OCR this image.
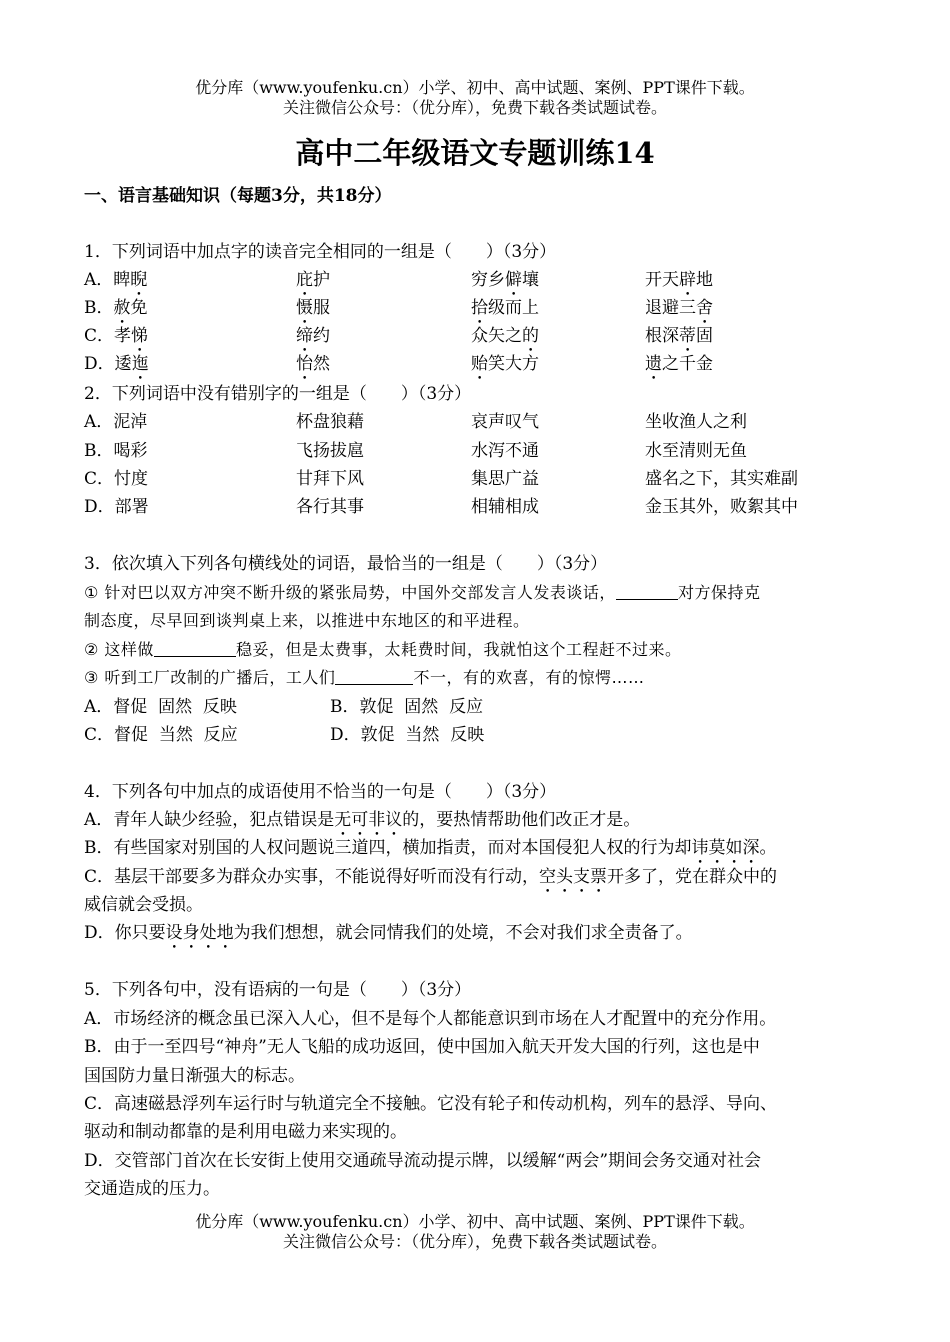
优分库（www.youfenku.cn）小学、初中、高中试题、案例、PPT课件下载。
关注微信公众号：（优分库），免费下载各类试题试卷。
高中二年级语文专题训练14
一、语言基础知识（每题3分，共18分）
1．下列词语中加点字的读音完全相同的一组是（　　）（3分）
A．睥睨	庇护	穷乡僻壤	开天辟地
B．赦免	慑服	拾级而上	退避三舍
C．孝悌	缔约	众矢之的	根深蒂固
D．逶迤	怡然	贻笑大方	遗之千金
2．下列词语中没有错别字的一组是（　　）（3分）
A．泥淖	杯盘狼藉	哀声叹气	坐收渔人之利
B．喝彩	飞扬拔扈	水泻不通	水至清则无鱼
C．忖度	甘拜下风	集思广益	盛名之下，其实难副
D．部署	各行其事	相辅相成	金玉其外，败絮其中
3．依次填入下列各句横线处的词语，最恰当的一组是（　　）（3分）
① 针对巴以双方冲突不断升级的紧张局势，中国外交部发言人发表谈话，	对方保持克
制态度，尽早回到谈判桌上来，以推进中东地区的和平进程。
② 这样做	稳妥，但是太费事，太耗费时间，我就怕这个工程赶不过来。
③ 听到工厂改制的广播后，工人们	不一，有的欢喜，有的惊愕……
A．督促  固然  反映	B．敦促  固然  反应
C．督促  当然  反应	D．敦促  当然  反映
4．下列各句中加点的成语使用不恰当的一句是（　　）（3分）
A．青年人缺少经验，犯点错误是无可非议的，要热情帮助他们改正才是。
B．有些国家对别国的人权问题说三道四，横加指责，而对本国侵犯人权的行为却讳莫如深。
C．基层干部要多为群众办实事，不能说得好听而没有行动，空头支票开多了，党在群众中的
威信就会受损。
D．你只要设身处地为我们想想，就会同情我们的处境，不会对我们求全责备了。
5．下列各句中，没有语病的一句是（　　）（3分）
A．市场经济的概念虽已深入人心，但不是每个人都能意识到市场在人才配置中的充分作用。
B．由于一至四号“神舟”无人飞船的成功返回，使中国加入航天开发大国的行列，这也是中
国国防力量日渐强大的标志。
C．高速磁悬浮列车运行时与轨道完全不接触。它没有轮子和传动机构，列车的悬浮、导向、
驱动和制动都靠的是利用电磁力来实现的。
D．交管部门首次在长安街上使用交通疏导流动提示牌，以缓解“两会”期间会务交通对社会
交通造成的压力。
优分库（www.youfenku.cn）小学、初中、高中试题、案例、PPT课件下载。
关注微信公众号：（优分库），免费下载各类试题试卷。
